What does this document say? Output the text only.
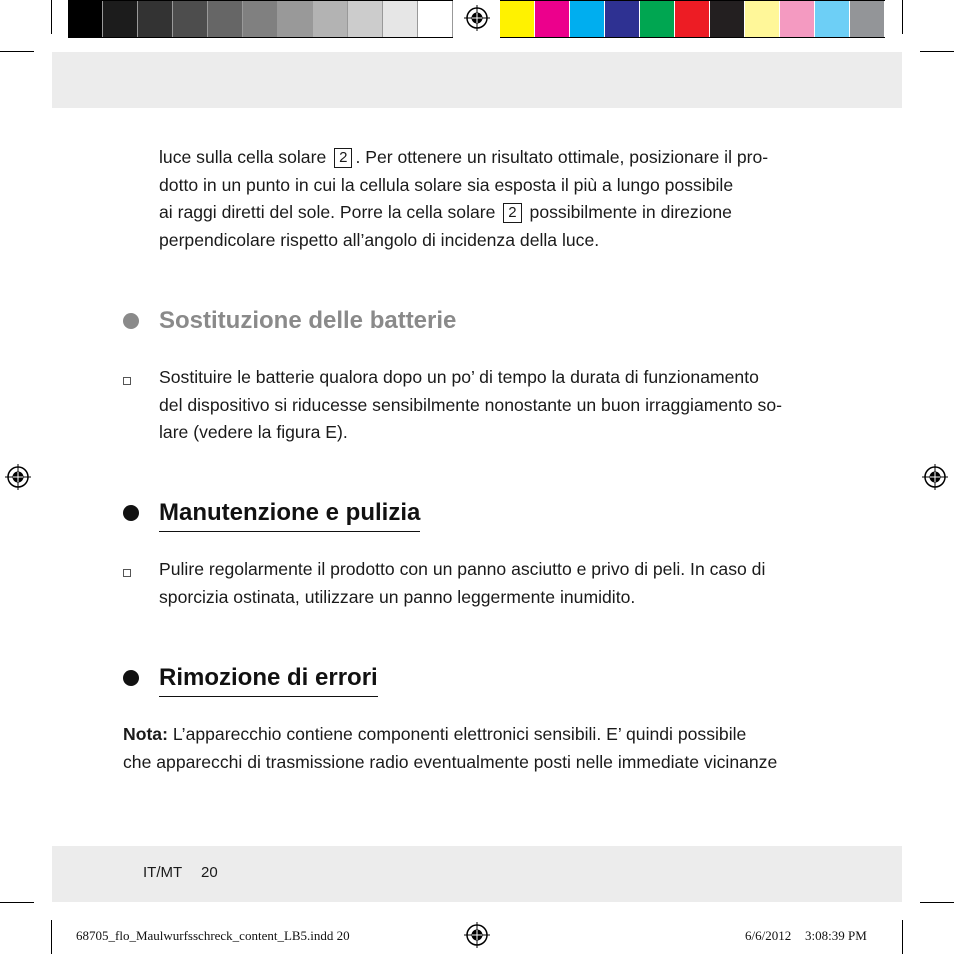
luce sulla cella solare 2 . Per ottenere un risultato ottimale, posizionare il pro-

dotto in un punto in cui la cellula solare sia esposta il più a lungo possibile

ai raggi diretti del sole. Porre la cella solare 2 possibilmente in direzione

perpendicolare rispetto all’angolo di incidenza della luce.

Sostituzione delle batterie

Sostituire le batterie qualora dopo un po’ di tempo la durata di funzionamento

del dispositivo si riducesse sensibilmente nonostante un buon irraggiamento so-

lare (vedere la figura E).

Manutenzione e pulizia

Pulire regolarmente il prodotto con un panno asciutto e privo di peli. In caso di

sporcizia ostinata, utilizzare un panno leggermente inumidito.

Rimozione di errori

Nota: L’apparecchio contiene componenti elettronici sensibili. E’ quindi possibile

che apparecchi di trasmissione radio eventualmente posti nelle immediate vicinanze

IT/MT 20
68705_flo_Maulwurfsschreck_content_LB5.indd 20	6/6/2012 3:08:39 PM
